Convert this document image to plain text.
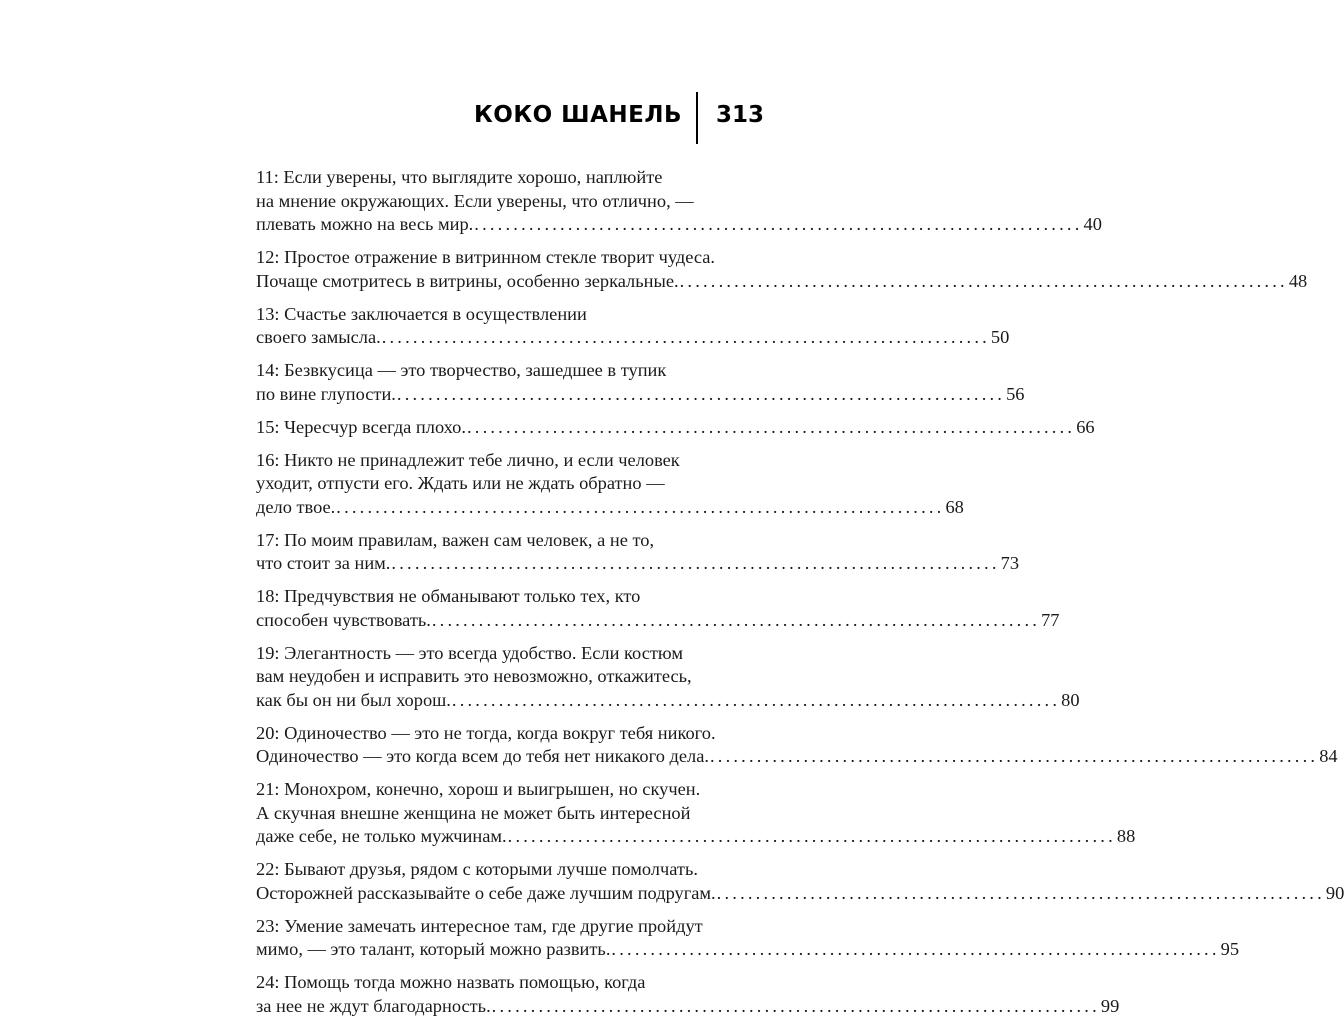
КОКО ШАНЕЛЬ 313
11: Если уверены, что выглядите хорошо, наплюйте
на мнение окружающих. Если уверены, что отлично, —
плевать можно на весь мир. .............................................................................. 40
12: Простое отражение в витринном стекле творит чудеса.
Почаще смотритесь в витрины, особенно зеркальные. .............................................................................. 48
13: Счастье заключается в осуществлении
своего замысла. .............................................................................. 50
14: Безвкусица — это творчество, зашедшее в тупик
по вине глупости. .............................................................................. 56
15: Чересчур всегда плохо. .............................................................................. 66
16: Никто не принадлежит тебе лично, и если человек
уходит, отпусти его. Ждать или не ждать обратно —
дело твое. .............................................................................. 68
17: По моим правилам, важен сам человек, а не то,
что стоит за ним. .............................................................................. 73
18: Предчувствия не обманывают только тех, кто
способен чувствовать. .............................................................................. 77
19: Элегантность — это всегда удобство. Если костюм
вам неудобен и исправить это невозможно, откажитесь,
как бы он ни был хорош. .............................................................................. 80
20: Одиночество — это не тогда, когда вокруг тебя никого.
Одиночество — это когда всем до тебя нет никакого дела. .............................................................................. 84
21: Монохром, конечно, хорош и выигрышен, но скучен.
А скучная внешне женщина не может быть интересной
даже себе, не только мужчинам. .............................................................................. 88
22: Бывают друзья, рядом с которыми лучше помолчать.
Осторожней рассказывайте о себе даже лучшим подругам. .............................................................................. 90
23: Умение замечать интересное там, где другие пройдут
мимо, — это талант, который можно развить. .............................................................................. 95
24: Помощь тогда можно назвать помощью, когда
за нее не ждут благодарность. .............................................................................. 99
